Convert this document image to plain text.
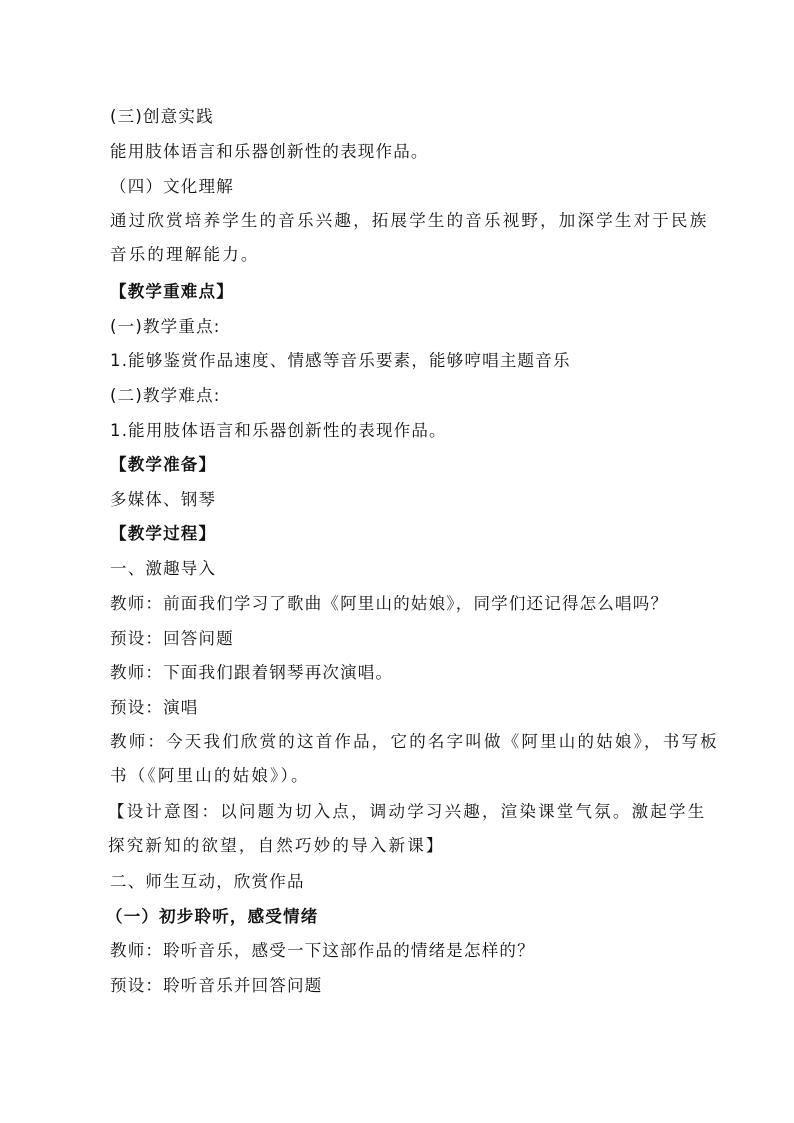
(三)创意实践
能用肢体语言和乐器创新性的表现作品。
（四）文化理解
通过欣赏培养学生的音乐兴趣，拓展学生的音乐视野，加深学生对于民族音乐的理解能力。
【教学重难点】
(一)教学重点:
1.能够鉴赏作品速度、情感等音乐要素，能够哼唱主题音乐
(二)教学难点:
1.能用肢体语言和乐器创新性的表现作品。
【教学准备】
多媒体、钢琴
【教学过程】
一、激趣导入
教师：前面我们学习了歌曲《阿里山的姑娘》，同学们还记得怎么唱吗？
预设：回答问题
教师：下面我们跟着钢琴再次演唱。
预设：演唱
教师：今天我们欣赏的这首作品，它的名字叫做《阿里山的姑娘》，书写板书（《阿里山的姑娘》）。
【设计意图：以问题为切入点，调动学习兴趣，渲染课堂气氛。激起学生探究新知的欲望，自然巧妙的导入新课】
二、师生互动，欣赏作品
（一）初步聆听，感受情绪
教师：聆听音乐，感受一下这部作品的情绪是怎样的？
预设：聆听音乐并回答问题
